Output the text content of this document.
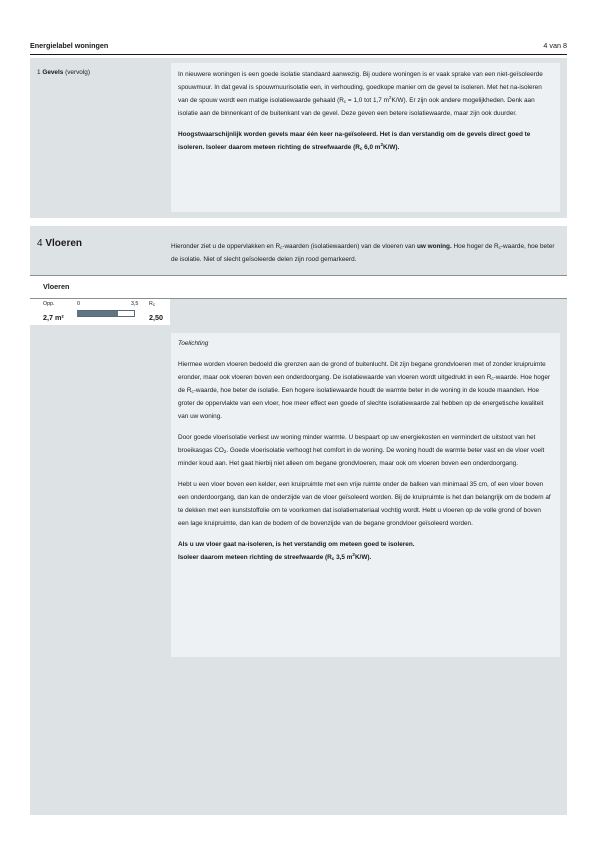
Energielabel woningen	4 van 8
1 Gevels (vervolg)	In nieuwere woningen is een goede isolatie standaard aanwezig. Bij oudere woningen is er vaak sprake van een niet-geïsoleerde spouwmuur. In dat geval is spouwmuurisolatie een, in verhouding, goedkope manier om de gevel te isoleren. Met het na-isoleren van de spouw wordt een matige isolatiewaarde gehaald ($R_c = 1,0$ tot 1,7 $m^2K/W$). Er zijn ook andere mogelijkheden. Denk aan isolatie aan de binnenkant of de buitenkant van de gevel. Deze geven een betere isolatiewaarde, maar zijn ook duurder.
Hoogstwaarschijnlijk worden gevels maar één keer na-geïsoleerd. Het is dan verstandig om de gevels direct goed te isoleren. Isoleer daarom meteen richting de streefwaarde ($R_c$ 6,0 $m^2K/W$).
4 Vloeren	Hieronder ziet u de oppervlakken en $R_c$-waarden (isolatiewaarden) van de vloeren van uw woning. Hoe hoger de $R_c$-waarde, hoe beter de isolatie. Niet of slecht geïsoleerde delen zijn rood gemarkeerd.
Vloeren
Opp.	0	3,5 $R_c$
2,7 m²	2,50
Toelichting
Hiermee worden vloeren bedoeld die grenzen aan de grond of buitenlucht. Dit zijn begane grondvloeren met of zonder kruipruimte eronder, maar ook vloeren boven een onderdoorgang. De isolatiewaarde van vloeren wordt uitgedrukt in een $R_c$-waarde. Hoe hoger de $R_c$-waarde, hoe beter de isolatie. Een hogere isolatiewaarde houdt de warmte beter in de woning in de koude maanden. Hoe groter de oppervlakte van een vloer, hoe meer effect een goede of slechte isolatiewaarde zal hebben op de energetische kwaliteit van uw woning.
Door goede vloerisolatie verliest uw woning minder warmte. U bespaart op uw energiekosten en vermindert de uitstoot van het broeikasgas $CO_2$. Goede vloerisolatie verhoogt het comfort in de woning. De woning houdt de warmte beter vast en de vloer voelt minder koud aan. Het gaat hierbij niet alleen om begane grondvloeren, maar ook om vloeren boven een onderdoorgang.
Hebt u een vloer boven een kelder, een kruipruimte met een vrije ruimte onder de balken van minimaal 35 cm, of een vloer boven een onderdoorgang, dan kan de onderzijde van de vloer geïsoleerd worden. Bij de kruipruimte is het dan belangrijk om de bodem af te dekken met een kunststoffolie om te voorkomen dat isolatiemateriaal vochtig wordt. Hebt u vloeren op de volle grond of boven een lage kruipruimte, dan kan de bodem of de bovenzijde van de begane grondvloer geïsoleerd worden.
Als u uw vloer gaat na-isoleren, is het verstandig om meteen goed te isoleren.
Isoleer daarom meteen richting de streefwaarde ($R_c$ 3,5 $m^2K/W$).
